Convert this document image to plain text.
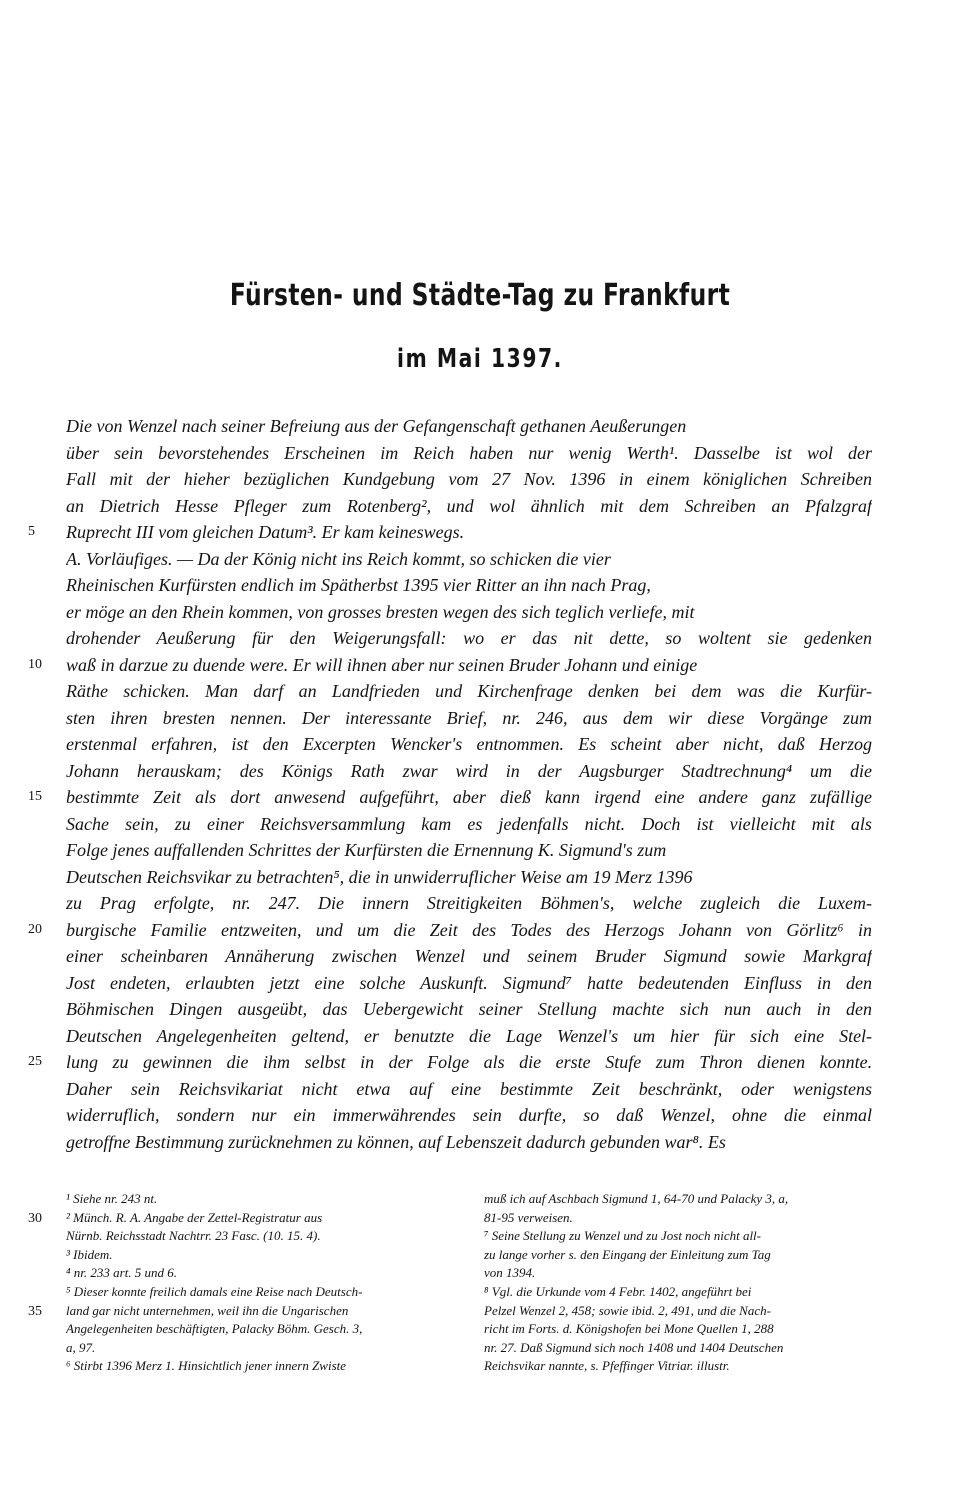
Fürsten- und Städte-Tag zu Frankfurt
im Mai 1397.
Die von Wenzel nach seiner Befreiung aus der Gefangenschaft gethanen Aeußerungen
über sein bevorstehendes Erscheinen im Reich haben nur wenig Werth¹. Dasselbe ist wol der
Fall mit der hieher bezüglichen Kundgebung vom 27 Nov. 1396 in einem königlichen Schreiben
an Dietrich Hesse Pfleger zum Rotenberg², und wol ähnlich mit dem Schreiben an Pfalzgraf
Ruprecht III vom gleichen Datum³. Er kam keineswegs.
A. Vorläufiges. — Da der König nicht ins Reich kommt, so schicken die vier
Rheinischen Kurfürsten endlich im Spätherbst 1395 vier Ritter an ihn nach Prag,
er möge an den Rhein kommen, von grosses bresten wegen des sich teglich verliefe, mit
drohender Aeußerung für den Weigerungsfall: wo er das nit dette, so woltent sie gedenken
waß in darzue zu duende were. Er will ihnen aber nur seinen Bruder Johann und einige
Räthe schicken. Man darf an Landfrieden und Kirchenfrage denken bei dem was die Kurfür-
sten ihren bresten nennen. Der interessante Brief, nr. 246, aus dem wir diese Vorgänge zum
erstenmal erfahren, ist den Excerpten Wencker's entnommen. Es scheint aber nicht, daß Herzog
Johann herauskam; des Königs Rath zwar wird in der Augsburger Stadtrechnung⁴ um die
bestimmte Zeit als dort anwesend aufgeführt, aber dieß kann irgend eine andere ganz zufällige
Sache sein, zu einer Reichsversammlung kam es jedenfalls nicht. Doch ist vielleicht mit als
Folge jenes auffallenden Schrittes der Kurfürsten die Ernennung K. Sigmund's zum
Deutschen Reichsvikar zu betrachten⁵, die in unwiderruflicher Weise am 19 Merz 1396
zu Prag erfolgte, nr. 247. Die innern Streitigkeiten Böhmen's, welche zugleich die Luxem-
burgische Familie entzweiten, und um die Zeit des Todes des Herzogs Johann von Görlitz⁶ in
einer scheinbaren Annäherung zwischen Wenzel und seinem Bruder Sigmund sowie Markgraf
Jost endeten, erlaubten jetzt eine solche Auskunft. Sigmund⁷ hatte bedeutenden Einfluss in den
Böhmischen Dingen ausgeübt, das Uebergewicht seiner Stellung machte sich nun auch in den
Deutschen Angelegenheiten geltend, er benutzte die Lage Wenzel's um hier für sich eine Stel-
lung zu gewinnen die ihm selbst in der Folge als die erste Stufe zum Thron dienen konnte.
Daher sein Reichsvikariat nicht etwa auf eine bestimmte Zeit beschränkt, oder wenigstens
widerruflich, sondern nur ein immerwährendes sein durfte, so daß Wenzel, ohne die einmal
getroffne Bestimmung zurücknehmen zu können, auf Lebenszeit dadurch gebunden war⁸. Es
5
10
15
20
25
¹ Siehe nr. 243 nt.
² Münch. R. A. Angabe der Zettel-Registratur aus
Nürnb. Reichsstadt Nachtrr. 23 Fasc. (10. 15. 4).
³ Ibidem.
⁴ nr. 233 art. 5 und 6.
⁵ Dieser konnte freilich damals eine Reise nach Deutsch-
land gar nicht unternehmen, weil ihn die Ungarischen
Angelegenheiten beschäftigten, Palacky Böhm. Gesch. 3,
a, 97.
⁶ Stirbt 1396 Merz 1. Hinsichtlich jener innern Zwiste
muß ich auf Aschbach Sigmund 1, 64-70 und Palacky 3, a,
81-95 verweisen.
⁷ Seine Stellung zu Wenzel und zu Jost noch nicht all-
zu lange vorher s. den Eingang der Einleitung zum Tag
von 1394.
⁸ Vgl. die Urkunde vom 4 Febr. 1402, angeführt bei
Pelzel Wenzel 2, 458; sowie ibid. 2, 491, und die Nach-
richt im Forts. d. Königshofen bei Mone Quellen 1, 288
nr. 27. Daß Sigmund sich noch 1408 und 1404 Deutschen
Reichsvikar nannte, s. Pfeffinger Vitriar. illustr.
30
35
